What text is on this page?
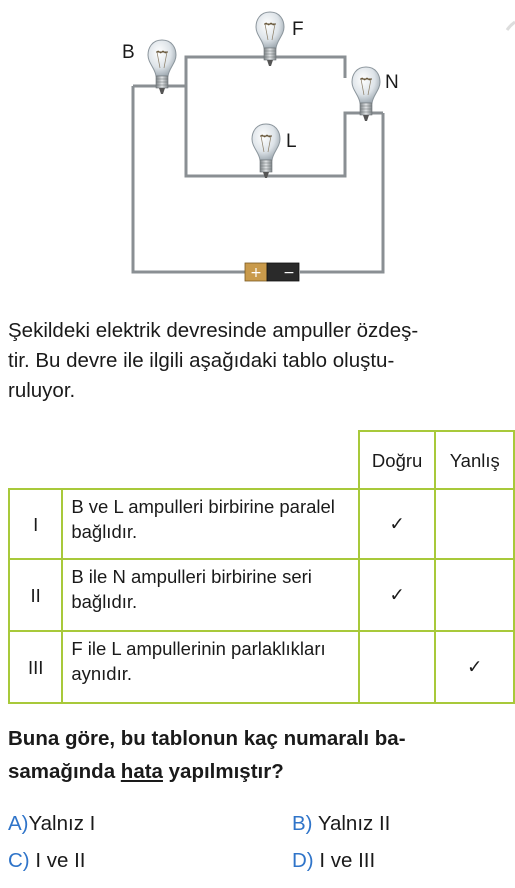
+ −
B
F
N
L
Şekildeki elektrik devresinde ampuller özdeş-
tir. Bu devre ile ilgili aşağıdaki tablo oluştu-
ruluyor.
		Doğru	Yanlış
I	B ve L ampulleri birbirine paralel bağlıdır.	✓	
II	B ile N ampulleri birbirine seri bağlıdır.	✓	
III	F ile L ampullerinin parlaklıkları aynıdır.		✓
Buna göre, bu tablonun kaç numaralı ba-
samağında hata yapılmıştır?
A)Yalnız I	B) Yalnız II
C) I ve II	D) I ve III
